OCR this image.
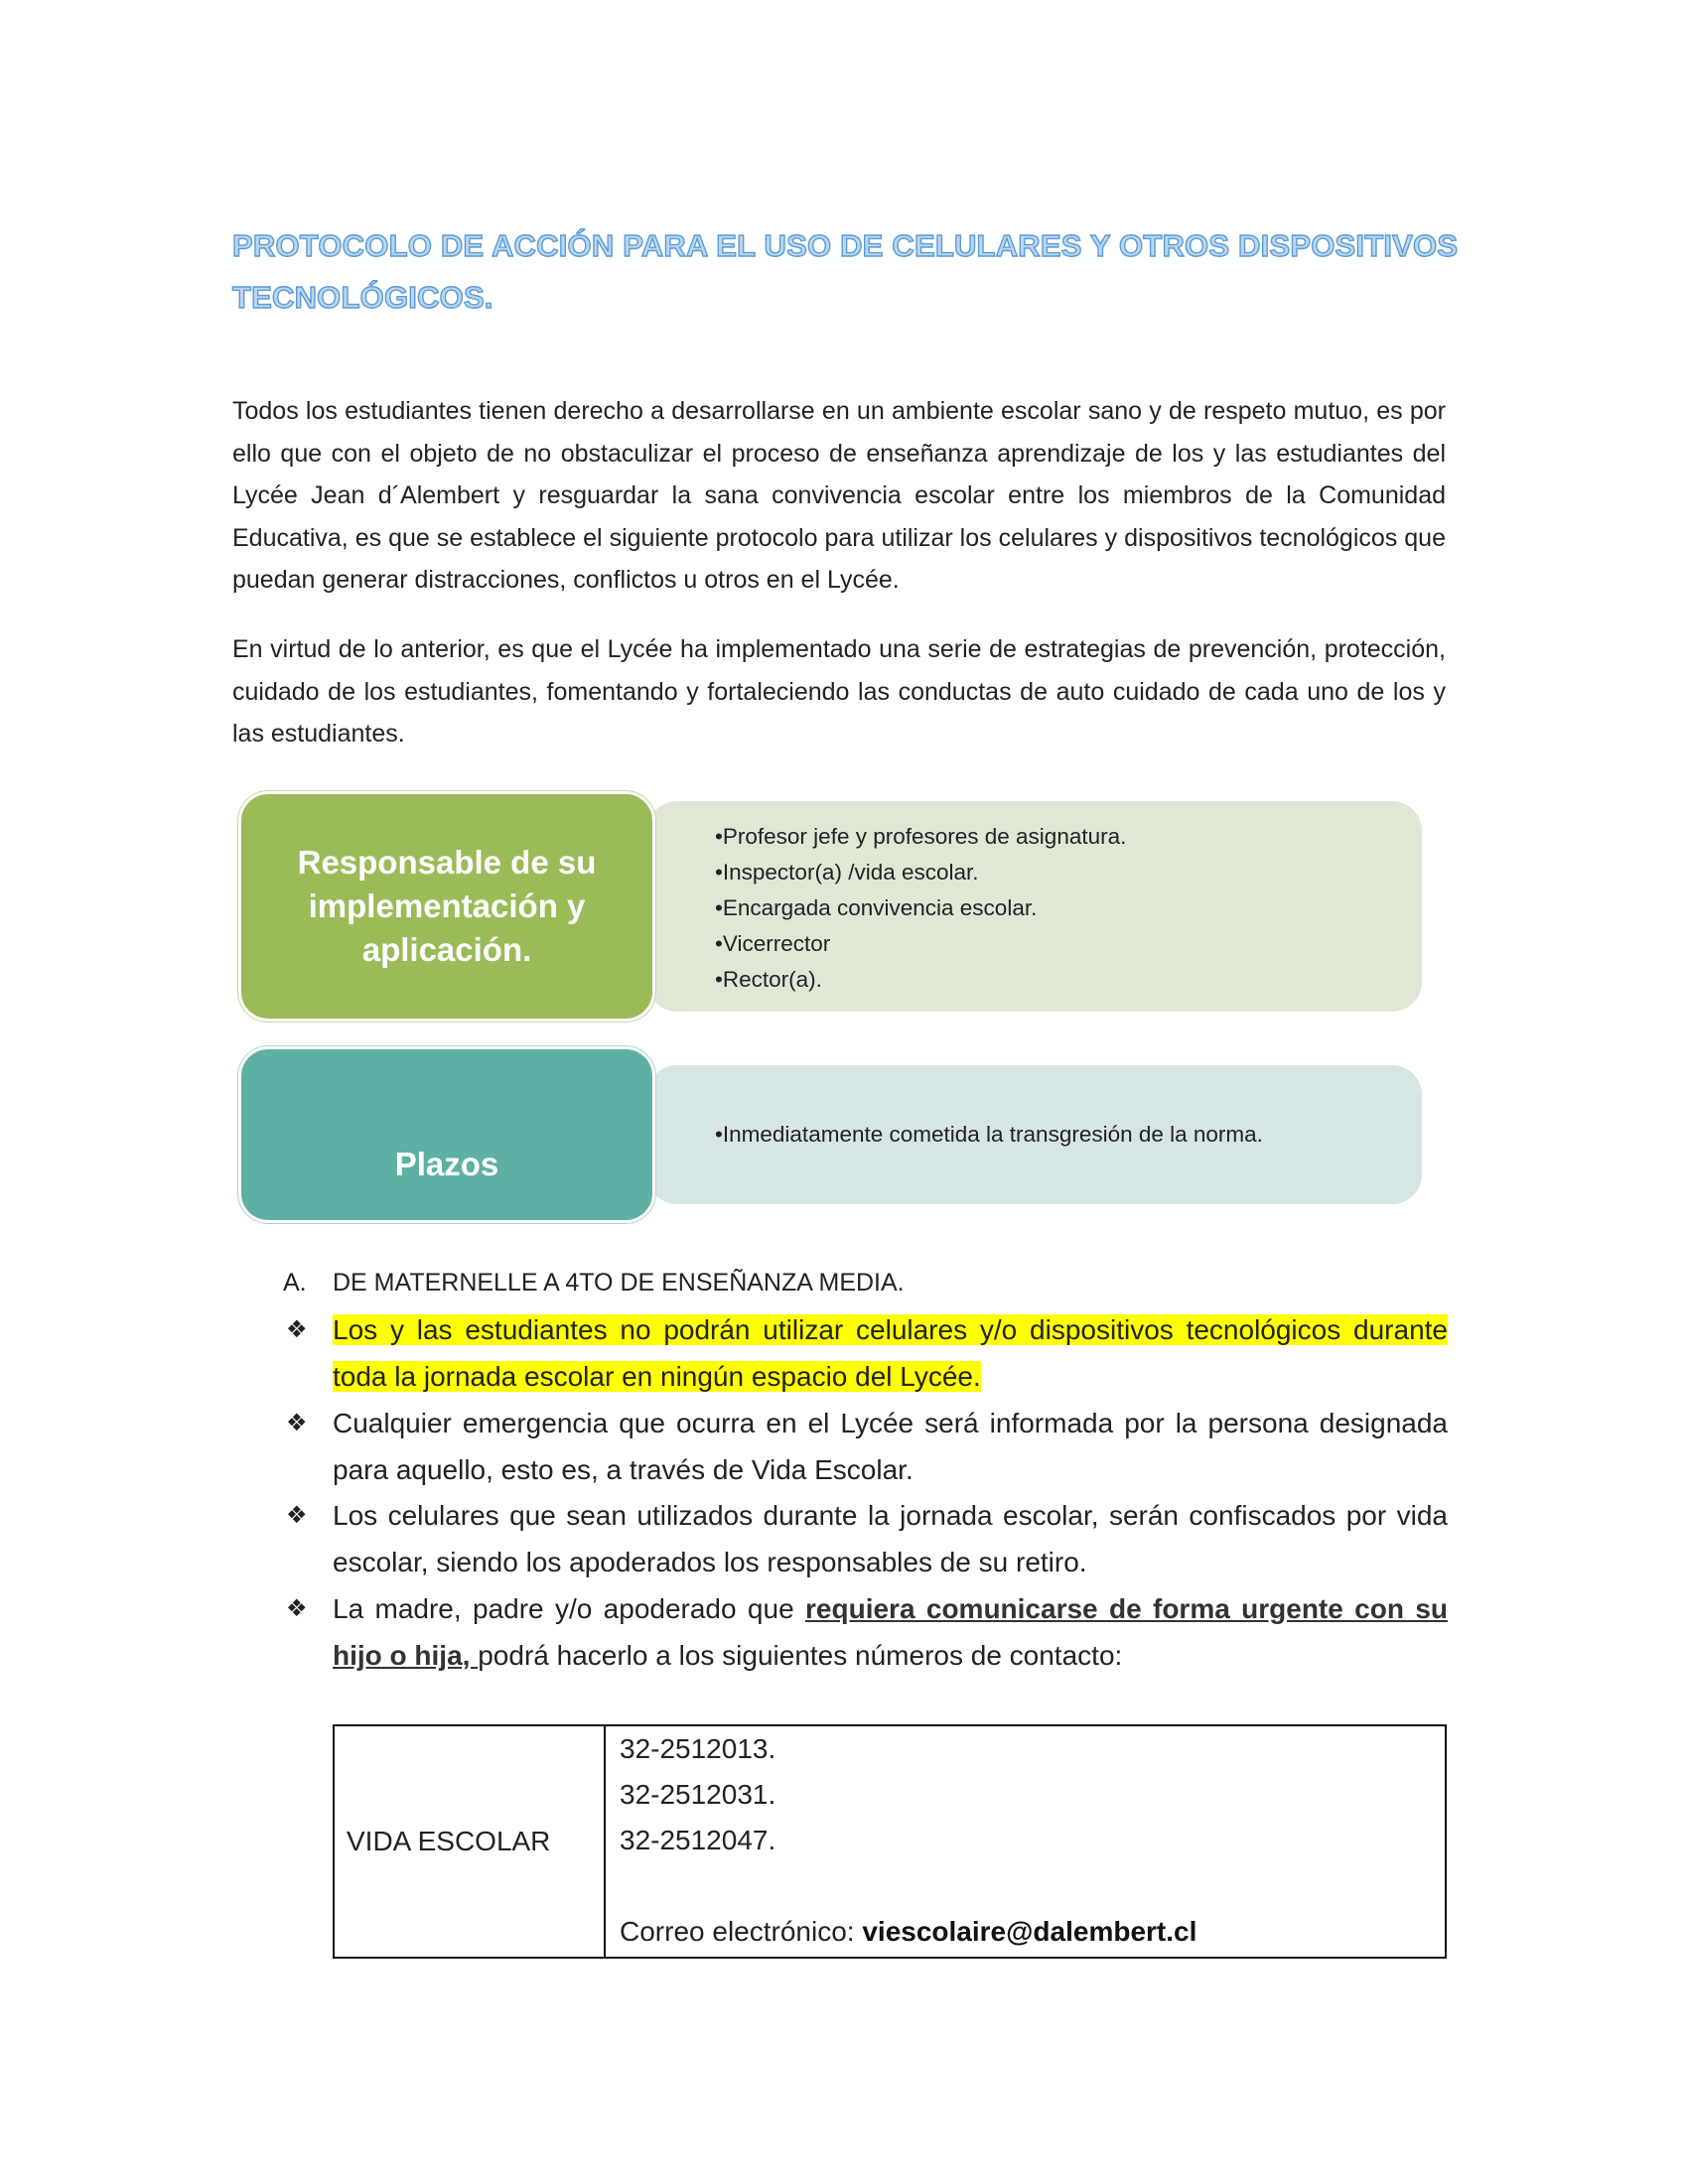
PROTOCOLO DE ACCIÓN PARA EL USO DE CELULARES Y OTROS DISPOSITIVOS
TECNOLÓGICOS.

Todos los estudiantes tienen derecho a desarrollarse en un ambiente escolar sano y de respeto mutuo, es por ello que con el objeto de no obstaculizar el proceso de enseñanza aprendizaje de los y las estudiantes del Lycée Jean d´Alembert y resguardar la sana convivencia escolar entre los miembros de la Comunidad Educativa, es que se establece el siguiente protocolo para utilizar los celulares y dispositivos tecnológicos que puedan generar distracciones, conflictos u otros en el Lycée.

En virtud de lo anterior, es que el Lycée ha implementado una serie de estrategias de prevención, protección, cuidado de los estudiantes, fomentando y fortaleciendo las conductas de auto cuidado de cada uno de los y las estudiantes.

• Profesor jefe y profesores de asignatura.
• Inspector(a) /vida escolar.
• Encargada convivencia escolar.
• Vicerrector
• Rector(a).
Responsable de su implementación y aplicación.
• Inmediatamente cometida la transgresión de la norma.
Plazos
A. DE MATERNELLE A 4TO DE ENSEÑANZA MEDIA.
❖ Los y las estudiantes no podrán utilizar celulares y/o dispositivos tecnológicos durante toda la jornada escolar en ningún espacio del Lycée.
❖ Cualquier emergencia que ocurra en el Lycée será informada por la persona designada para aquello, esto es, a través de Vida Escolar.
❖ Los celulares que sean utilizados durante la jornada escolar, serán confiscados por vida escolar, siendo los apoderados los responsables de su retiro.
❖ La madre, padre y/o apoderado que requiera comunicarse de forma urgente con su hijo o hija, podrá hacerlo a los siguientes números de contacto:
VIDA ESCOLAR	
32-2512013.
32-2512031.
32-2512047.
Correo electrónico: viescolaire@dalembert.cl
